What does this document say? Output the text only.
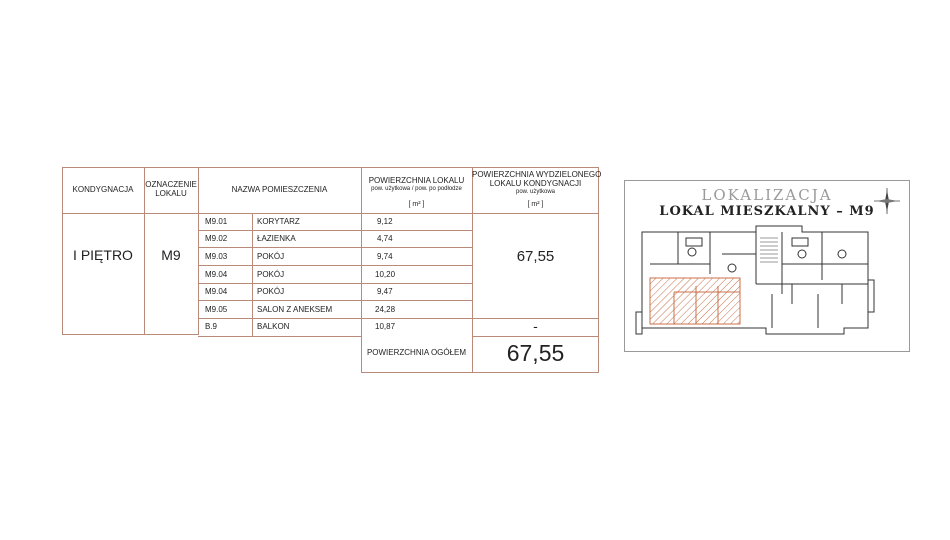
KONDYGNACJA
OZNACZENIE
LOKALU	NAZWA POMIESZCZENIA
POWIERZCHNIA LOKALU
pow. użytkowa / pow. po podłodze
[ m² ]
POWIERZCHNIA WYDZIELONEGO
LOKALU KONDYGNACJI
pow. użytkowa
[ m² ]
I PIĘTRO	M9	67,55
-
M9.01	KORYTARZ	9,12
M9.02	ŁAZIENKA	4,74
M9.03	POKÓJ	9,74
M9.04	POKÓJ	10,20
M9.04	POKÓJ	9,47
M9.05	SALON Z ANEKSEM	24,28
B.9	BALKON	10,87
POWIERZCHNIA OGÓŁEM	67,55
LOKALIZACJA
LOKAL MIESZKALNY – M9
